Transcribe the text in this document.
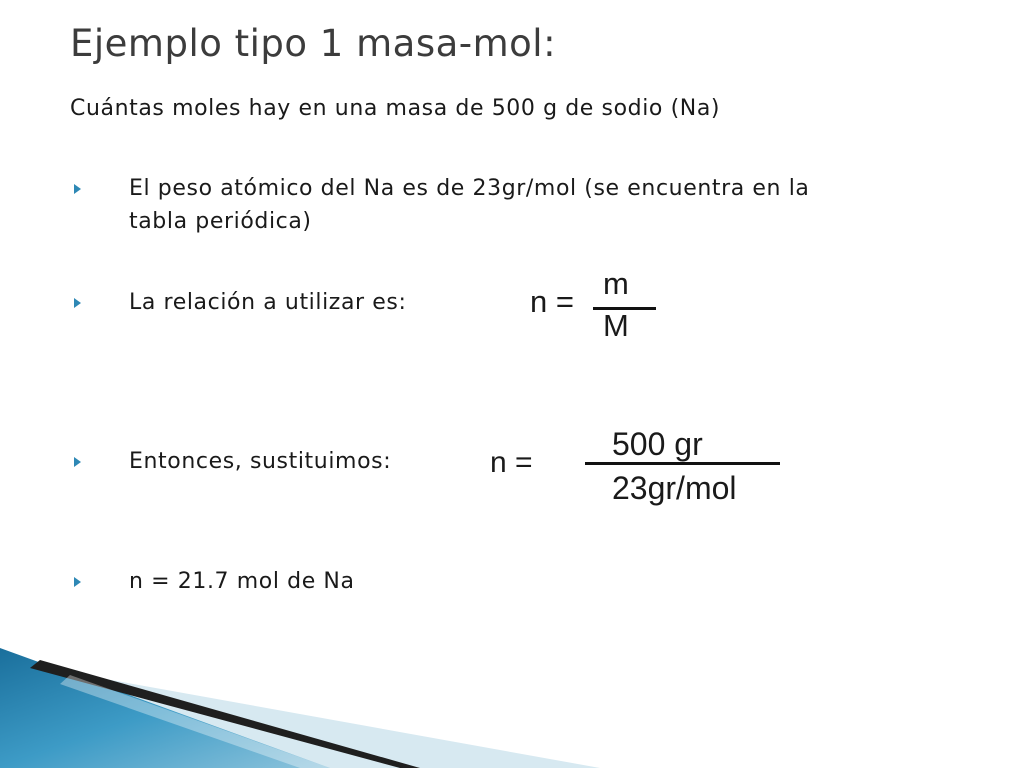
Ejemplo tipo 1 masa-mol:
Cuántas moles hay en una masa de 500 g de sodio (Na)
El peso atómico del Na es de 23gr/mol (se encuentra en la
tabla periódica)
La relación a utilizar es:	n =
m
M
Entonces, sustituimos:	n =
500 gr
23gr/mol
n = 21.7 mol de Na
